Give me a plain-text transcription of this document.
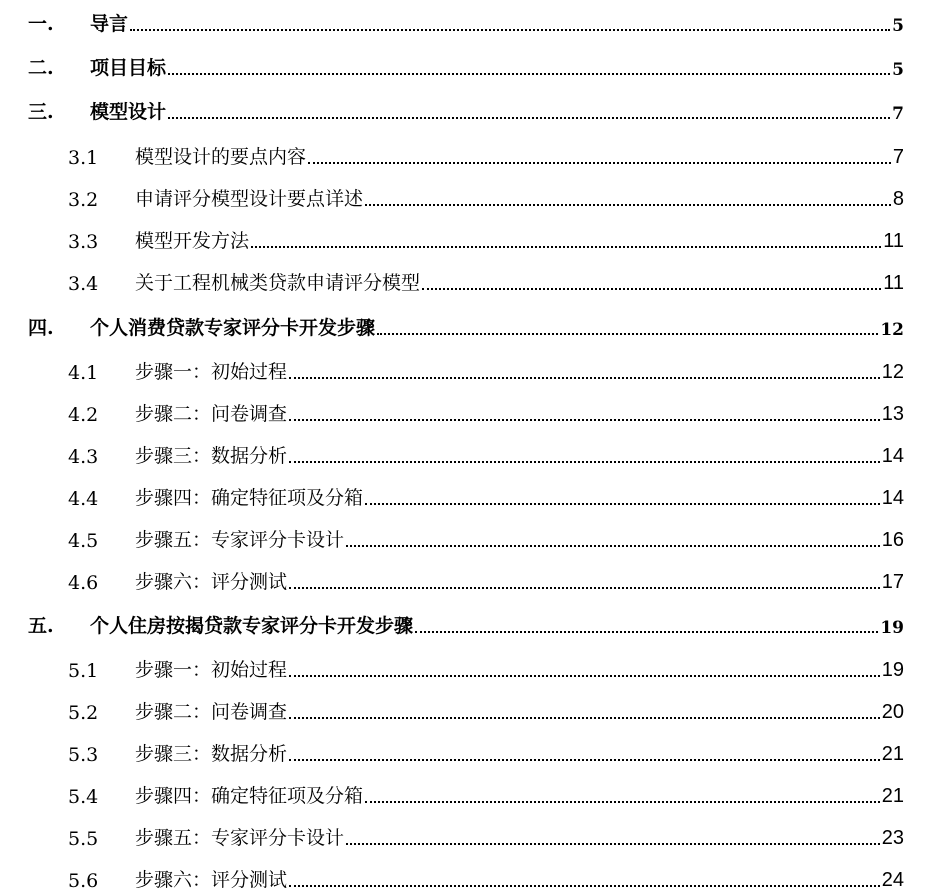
一.	导言	5
二.	项目目标	5
三.	模型设计	7
3.1	模型设计的要点内容	7
3.2	申请评分模型设计要点详述	8
3.3	模型开发方法	11
3.4	关于工程机械类贷款申请评分模型	11
四.	个人消费贷款专家评分卡开发步骤	12
4.1	步骤一：初始过程	12
4.2	步骤二：问卷调查	13
4.3	步骤三：数据分析	14
4.4	步骤四：确定特征项及分箱	14
4.5	步骤五：专家评分卡设计	16
4.6	步骤六：评分测试	17
五.	个人住房按揭贷款专家评分卡开发步骤	19
5.1	步骤一：初始过程	19
5.2	步骤二：问卷调查	20
5.3	步骤三：数据分析	21
5.4	步骤四：确定特征项及分箱	21
5.5	步骤五：专家评分卡设计	23
5.6	步骤六：评分测试	24
